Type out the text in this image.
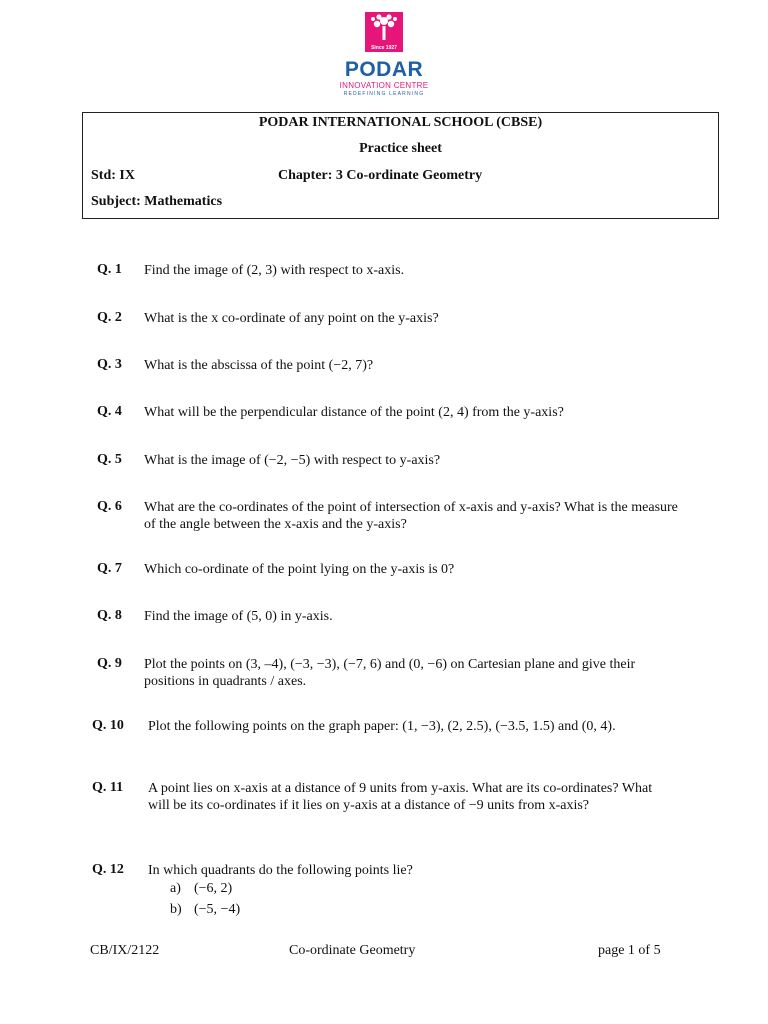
Since 1927
PODAR
INNOVATION CENTRE
REDEFINING LEARNING
PODAR INTERNATIONAL SCHOOL (CBSE)
Practice sheet
Std: IX	Chapter: 3 Co-ordinate Geometry
Subject: Mathematics
Q. 1 Find the image of (2, 3) with respect to x-axis.
Q. 2 What is the x co-ordinate of any point on the y-axis?
Q. 3 What is the abscissa of the point (−2, 7)?
Q. 4 What will be the perpendicular distance of the point (2, 4) from the y-axis?
Q. 5 What is the image of (−2, −5) with respect to y-axis?
Q. 6 What are the co-ordinates of the point of intersection of x-axis and y-axis? What is the measure of the angle between the x-axis and the y-axis?
Q. 7 Which co-ordinate of the point lying on the y-axis is 0?
Q. 8 Find the image of (5, 0) in y-axis.
Q. 9 Plot the points on (3, –4), (−3, −3), (−7, 6) and (0, −6) on Cartesian plane and give their positions in quadrants / axes.
Q. 10 Plot the following points on the graph paper: (1, −3), (2, 2.5), (−3.5, 1.5) and (0, 4).
Q. 11 A point lies on x-axis at a distance of 9 units from y-axis. What are its co-ordinates? What will be its co-ordinates if it lies on y-axis at a distance of −9 units from x-axis?
Q. 12 In which quadrants do the following points lie?
a) (−6, 2)
b) (−5, −4)
CB/IX/2122	Co-ordinate Geometry	page 1 of 5
